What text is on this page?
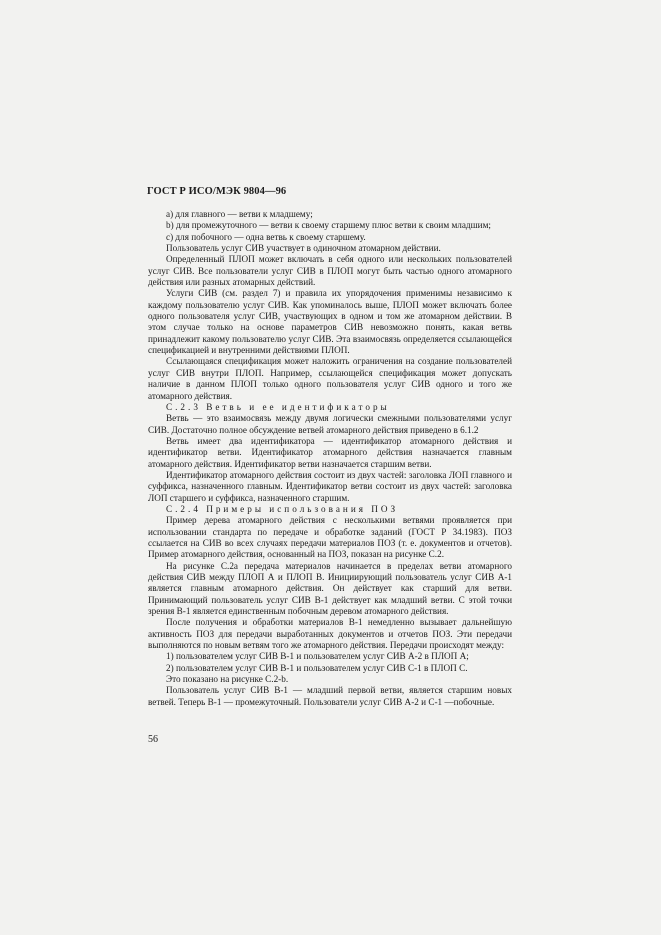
ГОСТ Р ИСО/МЭК 9804—96

а) для главного — ветви к младшему;

b) для промежуточного — ветви к своему старшему плюс ветви к своим младшим;

с) для побочного — одна ветвь к своему старшему.

Пользователь услуг СИВ участвует в одиночном атомарном действии.

Определенный ПЛОП может включать в себя одного или нескольких пользователей услуг СИВ. Все пользователи услуг СИВ в ПЛОП могут быть частью одного атомарного действия или разных атомарных действий.

Услуги СИВ (см. раздел 7) и правила их упорядочения применимы независимо к каждому пользователю услуг СИВ. Как упоминалось выше, ПЛОП может включать более одного пользователя услуг СИВ, участвующих в одном и том же атомарном действии. В этом случае только на основе параметров СИВ невозможно понять, какая ветвь принадлежит какому пользователю услуг СИВ. Эта взаимосвязь определяется ссылающейся спецификацией и внутренними действиями ПЛОП.

Ссылающаяся спецификация может наложить ограничения на создание пользователей услуг СИВ внутри ПЛОП. Например, ссылающейся спецификация может допускать наличие в данном ПЛОП только одного пользователя услуг СИВ одного и того же атомарного действия.

С.2.3 Ветвь и ее идентификаторы

Ветвь — это взаимосвязь между двумя логически смежными пользователями услуг СИВ. Достаточно полное обсуждение ветвей атомарного действия приведено в 6.1.2

Ветвь имеет два идентификатора — идентификатор атомарного действия и идентификатор ветви. Идентификатор атомарного действия назначается главным атомарного действия. Идентификатор ветви назначается старшим ветви.

Идентификатор атомарного действия состоит из двух частей: заголовка ЛОП главного и суффикса, назначенного главным. Идентификатор ветви состоит из двух частей: заголовка ЛОП старшего и суффикса, назначенного старшим.

С.2.4 Примеры использования ПОЗ

Пример дерева атомарного действия с несколькими ветвями проявляется при использовании стандарта по передаче и обработке заданий (ГОСТ Р 34.1983). ПОЗ ссылается на СИВ во всех случаях передачи материалов ПОЗ (т. е. документов и отчетов). Пример атомарного действия, основанный на ПОЗ, показан на рисунке С.2.

На рисунке С.2а передача материалов начинается в пределах ветви атомарного действия СИВ между ПЛОП А и ПЛОП В. Инициирующий пользователь услуг СИВ А-1 является главным атомарного действия. Он действует как старший для ветви. Принимающий пользователь услуг СИВ В-1 действует как младший ветви. С этой точки зрения В-1 является единственным побочным деревом атомарного действия.

После получения и обработки материалов В-1 немедленно вызывает дальнейшую активность ПОЗ для передачи выработанных документов и отчетов ПОЗ. Эти передачи выполняются по новым ветвям того же атомарного действия. Передачи происходят между:

1) пользователем услуг СИВ В-1 и пользователем услуг СИВ А-2 в ПЛОП А;

2) пользователем услуг СИВ В-1 и пользователем услуг СИВ С-1 в ПЛОП С.

Это показано на рисунке С.2-b.

Пользователь услуг СИВ В-1 — младший первой ветви, является старшим новых ветвей. Теперь В-1 — промежуточный. Пользователи услуг СИВ А-2 и С-1 —побочные.

56
